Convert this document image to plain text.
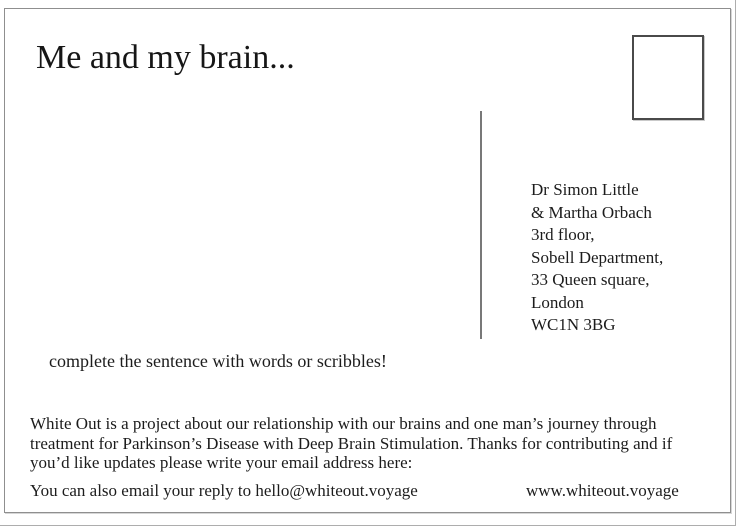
Me and my brain...
Dr Simon Little
& Martha Orbach
3rd floor,
Sobell Department,
33 Queen square,
London
WC1N 3BG
complete the sentence with words or scribbles!
White Out is a project about our relationship with our brains and one man’s journey through
treatment for Parkinson’s Disease with Deep Brain Stimulation. Thanks for contributing and if
you’d like updates please write your email address here:
You can also email your reply to hello@whiteout.voyage	www.whiteout.voyage
